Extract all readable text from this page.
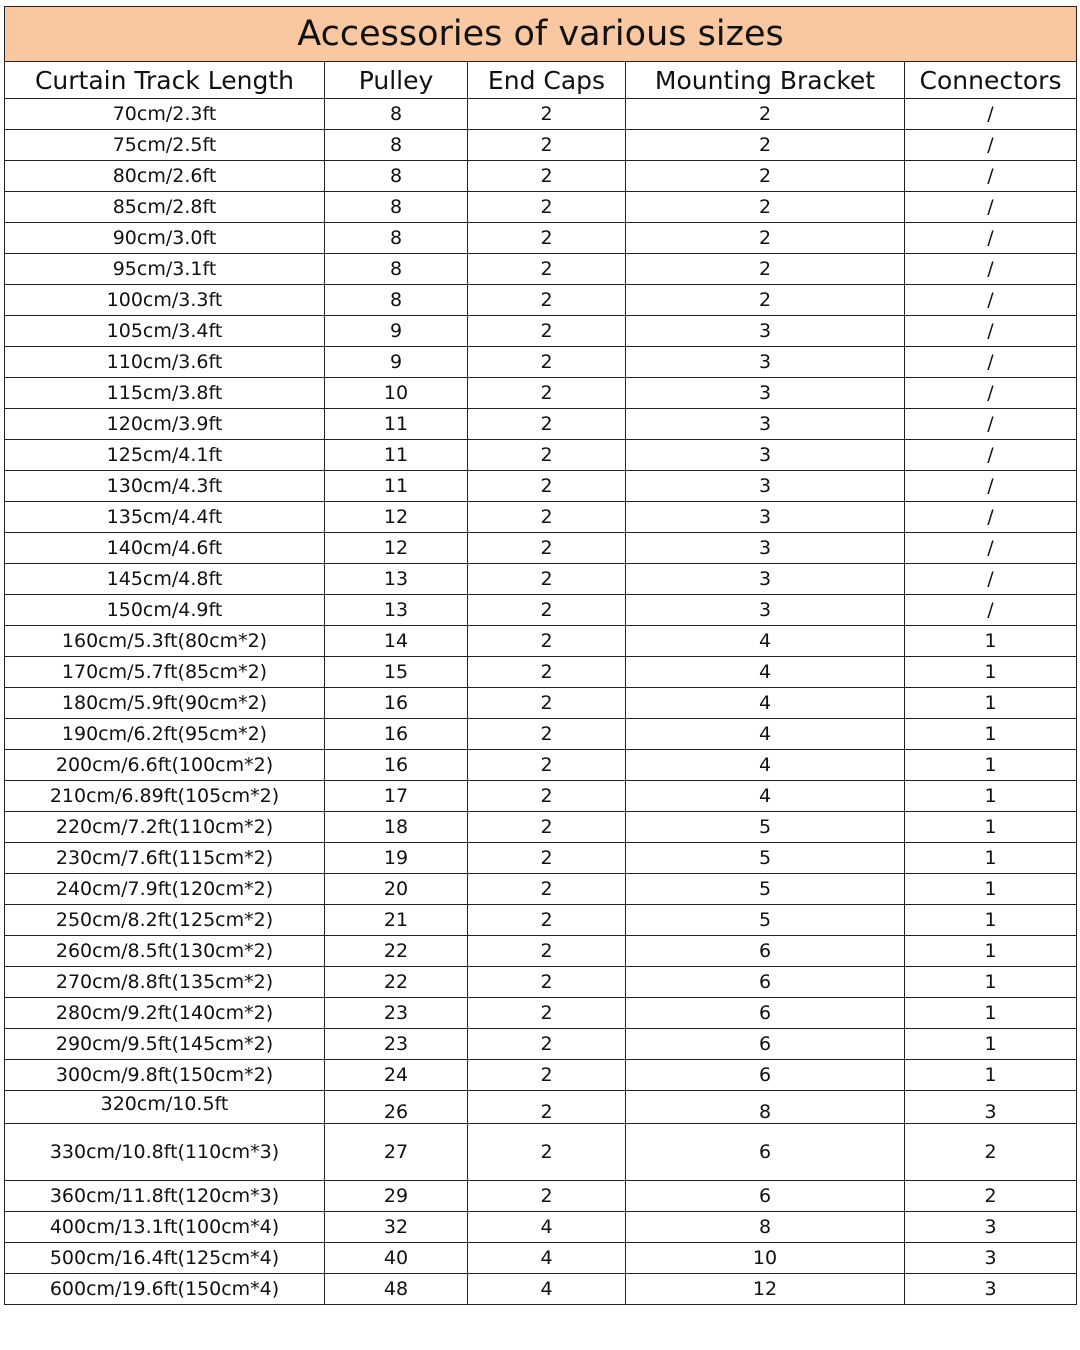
Accessories of various sizes				
Curtain Track Length	Pulley	End Caps	Mounting Bracket	Connectors
70cm/2.3ft	8	2	2	/
75cm/2.5ft	8	2	2	/
80cm/2.6ft	8	2	2	/
85cm/2.8ft	8	2	2	/
90cm/3.0ft	8	2	2	/
95cm/3.1ft	8	2	2	/
100cm/3.3ft	8	2	2	/
105cm/3.4ft	9	2	3	/
110cm/3.6ft	9	2	3	/
115cm/3.8ft	10	2	3	/
120cm/3.9ft	11	2	3	/
125cm/4.1ft	11	2	3	/
130cm/4.3ft	11	2	3	/
135cm/4.4ft	12	2	3	/
140cm/4.6ft	12	2	3	/
145cm/4.8ft	13	2	3	/
150cm/4.9ft	13	2	3	/
160cm/5.3ft(80cm*2)	14	2	4	1
170cm/5.7ft(85cm*2)	15	2	4	1
180cm/5.9ft(90cm*2)	16	2	4	1
190cm/6.2ft(95cm*2)	16	2	4	1
200cm/6.6ft(100cm*2)	16	2	4	1
210cm/6.89ft(105cm*2)	17	2	4	1
220cm/7.2ft(110cm*2)	18	2	5	1
230cm/7.6ft(115cm*2)	19	2	5	1
240cm/7.9ft(120cm*2)	20	2	5	1
250cm/8.2ft(125cm*2)	21	2	5	1
260cm/8.5ft(130cm*2)	22	2	6	1
270cm/8.8ft(135cm*2)	22	2	6	1
280cm/9.2ft(140cm*2)	23	2	6	1
290cm/9.5ft(145cm*2)	23	2	6	1
300cm/9.8ft(150cm*2)	24	2	6	1
320cm/10.5ft	26	2	8	3
330cm/10.8ft(110cm*3)	27	2	6	2
360cm/11.8ft(120cm*3)	29	2	6	2
400cm/13.1ft(100cm*4)	32	4	8	3
500cm/16.4ft(125cm*4)	40	4	10	3
600cm/19.6ft(150cm*4)	48	4	12	3
